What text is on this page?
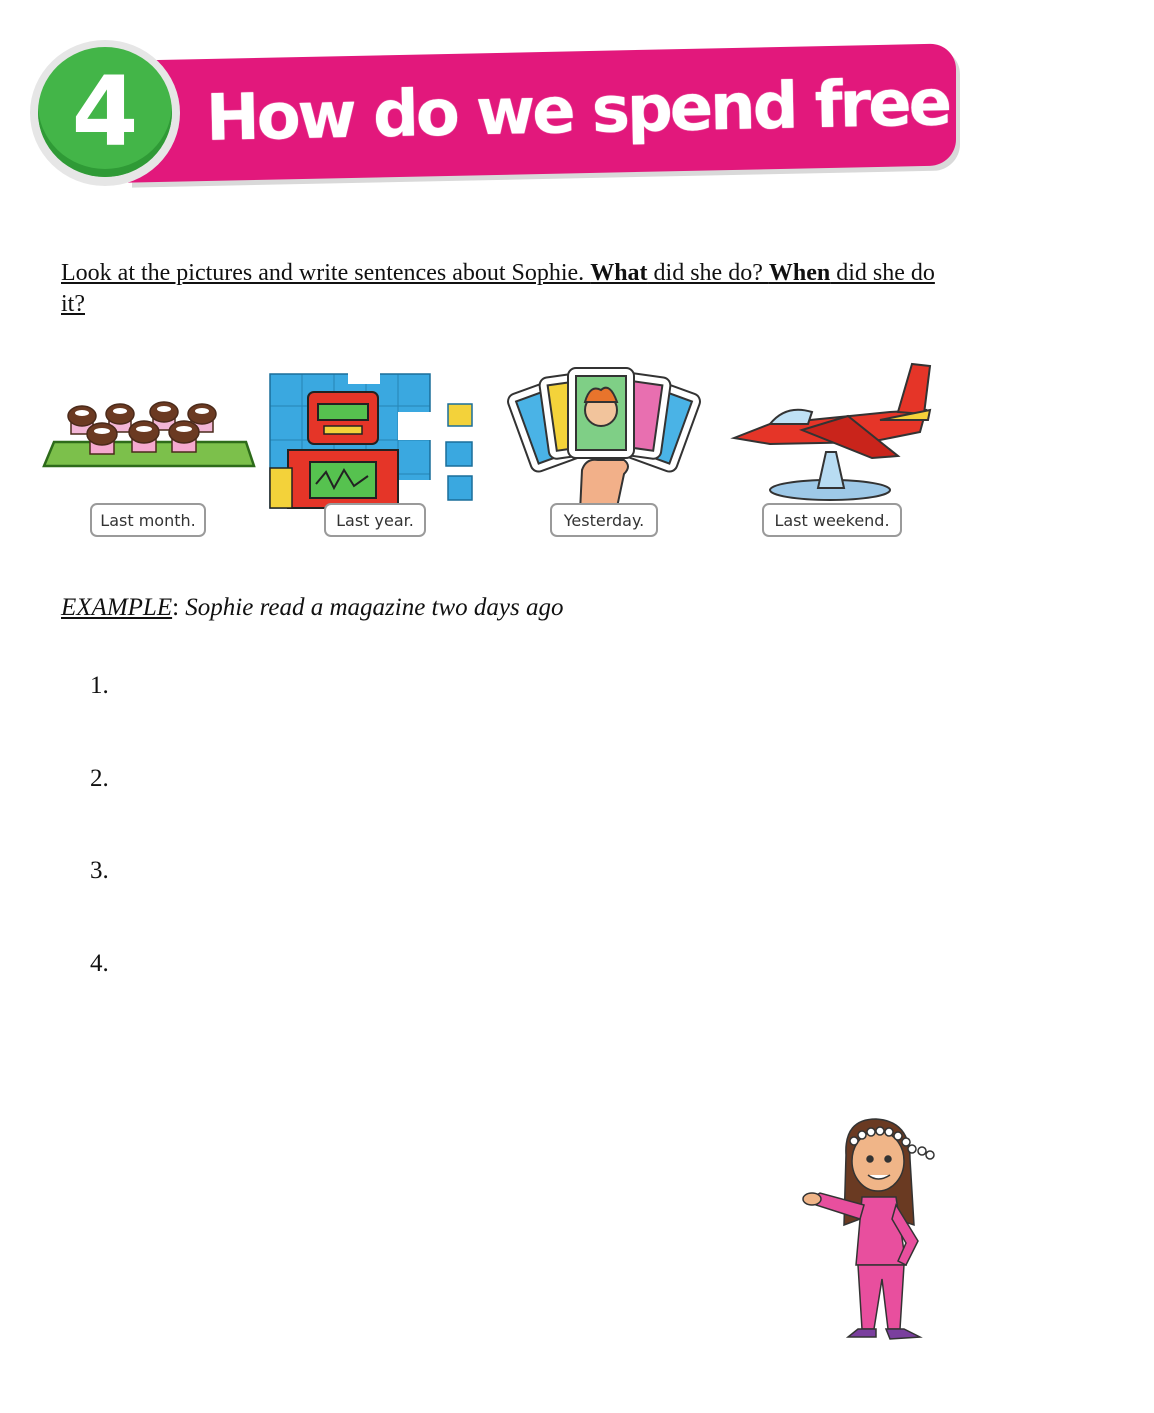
How do we spend free time?
4

Look at the pictures and write sentences about Sophie. What did she do? When did she do it?

Last month.	Last year.	Yesterday.	Last weekend.

EXAMPLE: Sophie read a magazine two days ago

1.
2.
3.
4.
